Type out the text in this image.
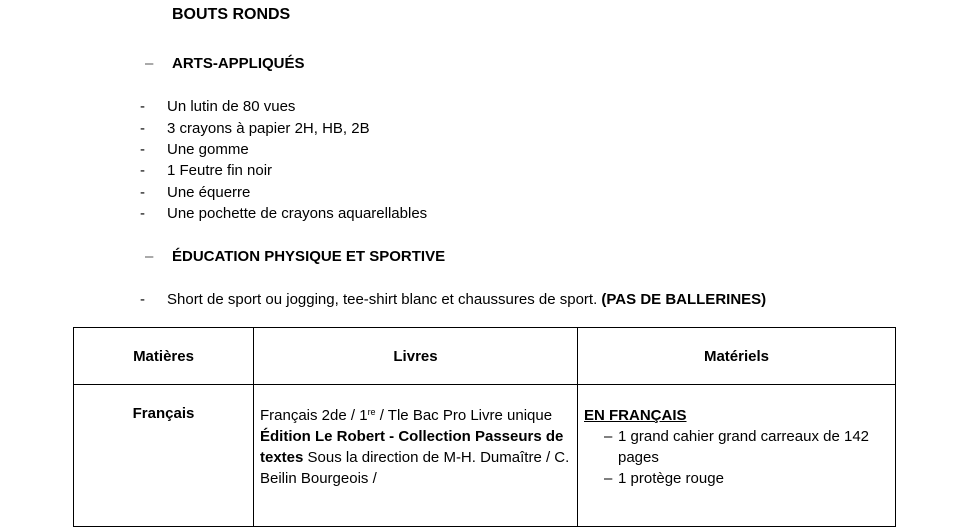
BOUTS RONDS
– ARTS-APPLIQUÉS
- Un lutin de 80 vues
- 3 crayons à papier 2H, HB, 2B
- Une gomme
- 1 Feutre fin noir
- Une équerre
- Une pochette de crayons aquarellables
– ÉDUCATION PHYSIQUE ET SPORTIVE
- Short de sport ou jogging, tee-shirt blanc et chaussures de sport. (PAS DE BALLERINES)
Matières	Livres	Matériels
Français	Français 2de / 1re / Tle Bac Pro Livre unique Édition Le Robert - Collection Passeurs de textes Sous la direction de M-H. Dumaître / C. Beilin Bourgeois /	EN FRANÇAIS
– 1 grand cahier grand carreaux de 142 pages
– 1 protège rouge
